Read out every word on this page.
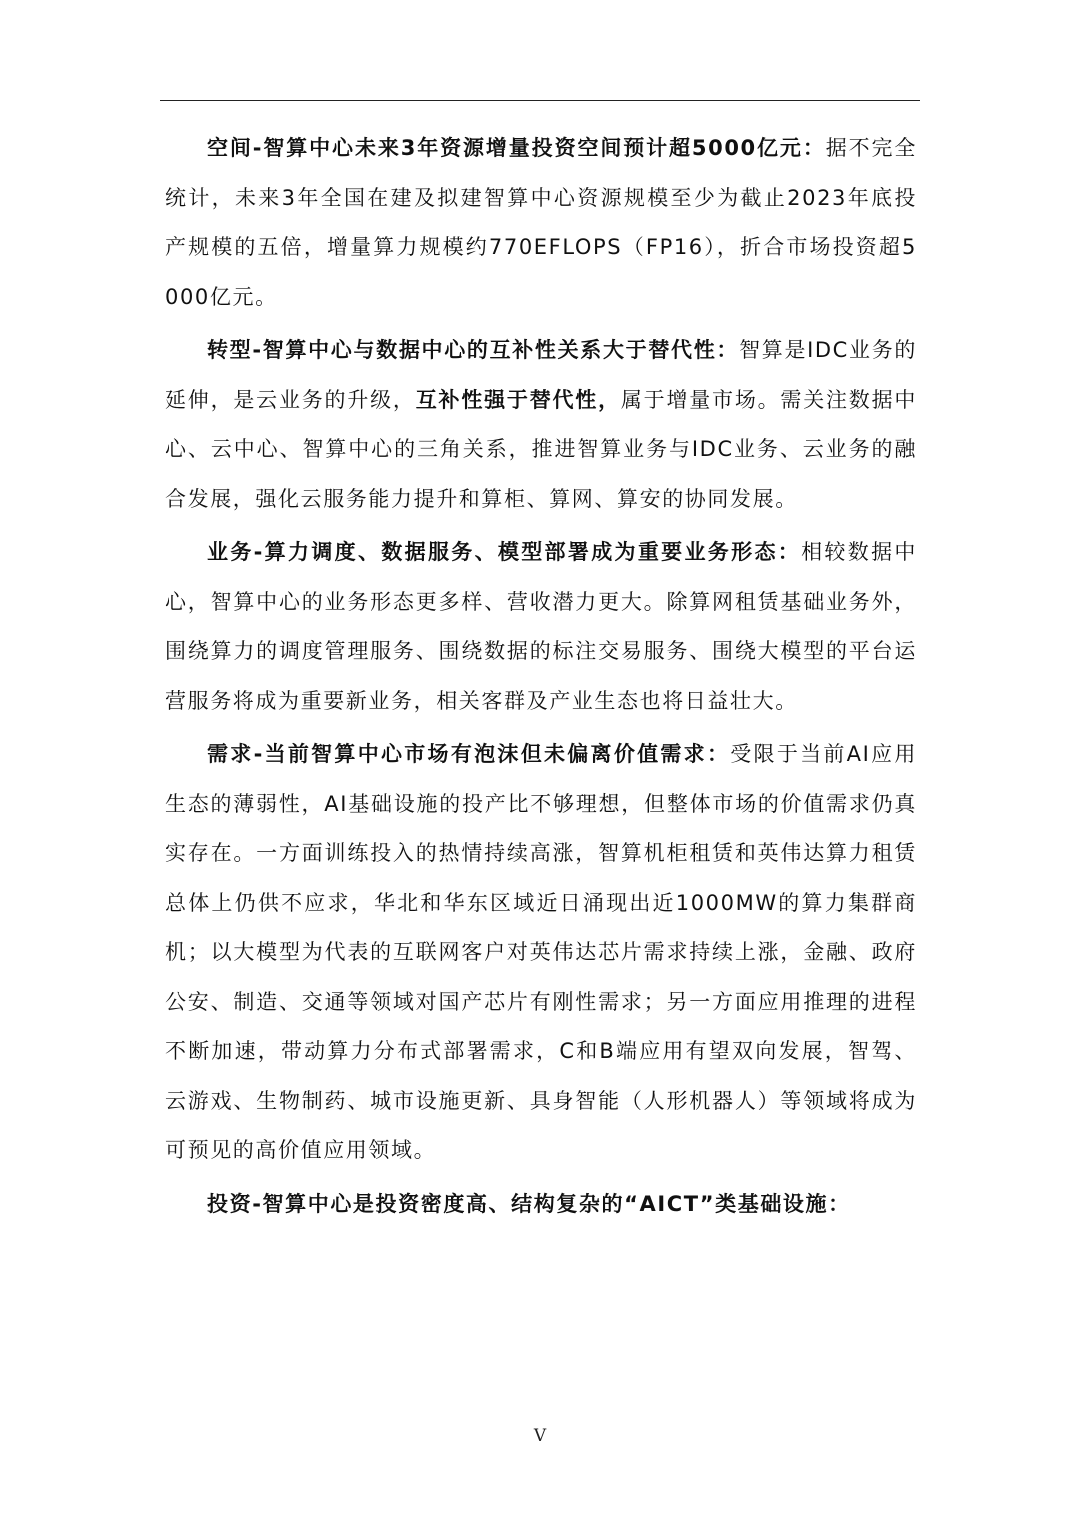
空间-智算中心未来3年资源增量投资空间预计超5000亿元：据不完全统计，未来3年全国在建及拟建智算中心资源规模至少为截止2023年底投产规模的五倍，增量算力规模约770EFLOPS（FP16），折合市场投资超5000亿元。

转型-智算中心与数据中心的互补性关系大于替代性：智算是IDC业务的延伸，是云业务的升级，互补性强于替代性，属于增量市场。需关注数据中心、云中心、智算中心的三角关系，推进智算业务与IDC业务、云业务的融合发展，强化云服务能力提升和算柜、算网、算安的协同发展。

业务-算力调度、数据服务、模型部署成为重要业务形态：相较数据中心，智算中心的业务形态更多样、营收潜力更大。除算网租赁基础业务外，围绕算力的调度管理服务、围绕数据的标注交易服务、围绕大模型的平台运营服务将成为重要新业务，相关客群及产业生态也将日益壮大。

需求-当前智算中心市场有泡沫但未偏离价值需求：受限于当前AI应用生态的薄弱性，AI基础设施的投产比不够理想，但整体市场的价值需求仍真实存在。一方面训练投入的热情持续高涨，智算机柜租赁和英伟达算力租赁总体上仍供不应求，华北和华东区域近日涌现出近1000MW的算力集群商机；以大模型为代表的互联网客户对英伟达芯片需求持续上涨，金融、政府公安、制造、交通等领域对国产芯片有刚性需求；另一方面应用推理的进程不断加速，带动算力分布式部署需求，C和B端应用有望双向发展，智驾、云游戏、生物制药、城市设施更新、具身智能（人形机器人）等领域将成为可预见的高价值应用领域。

投资-智算中心是投资密度高、结构复杂的“AICT”类基础设施：

V
